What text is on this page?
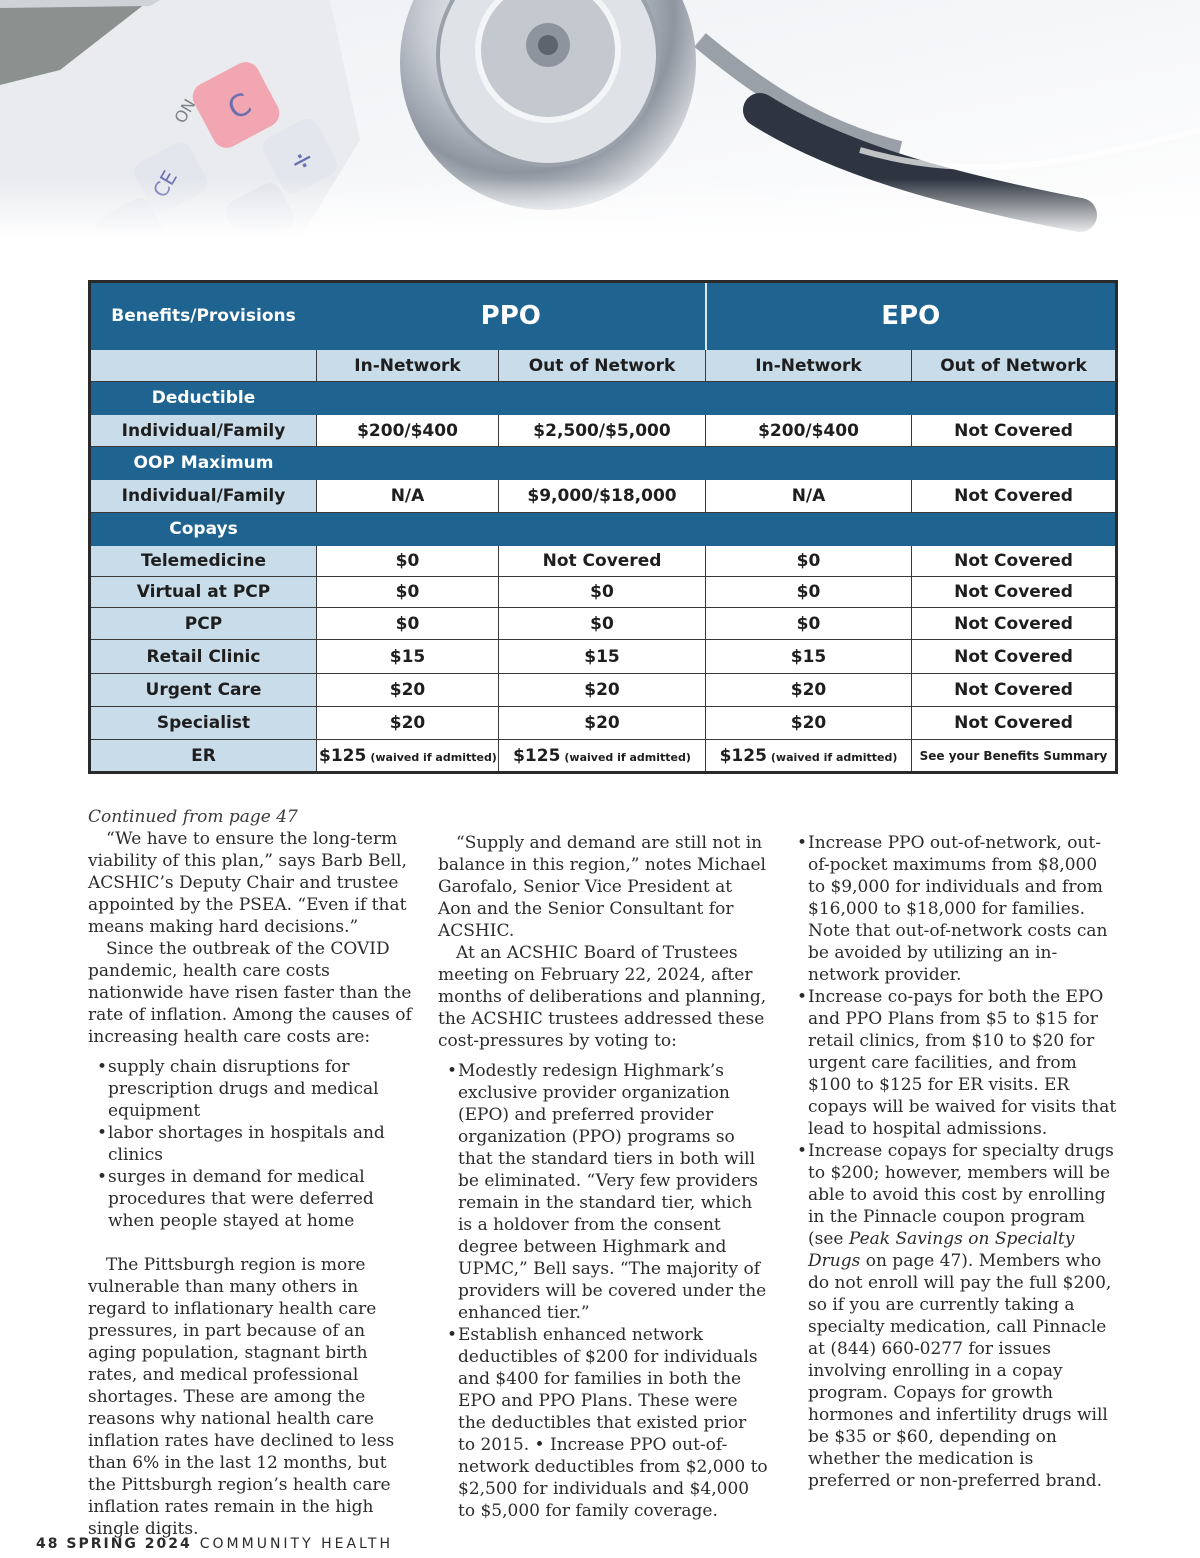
Benefits/Provisions	PPO		EPO	
	In-Network	Out of Network	In-Network	Out of Network
Deductible				
Individual/Family	$200/$400	$2,500/$5,000	$200/$400	Not Covered
OOP Maximum				
Individual/Family	N/A	$9,000/$18,000	N/A	Not Covered
Copays				
Telemedicine	$0	Not Covered	$0	Not Covered
Virtual at PCP	$0	$0	$0	Not Covered
PCP	$0	$0	$0	Not Covered
Retail Clinic	$15	$15	$15	Not Covered
Urgent Care	$20	$20	$20	Not Covered
Specialist	$20	$20	$20	Not Covered
ER	$125 (waived if admitted)	$125 (waived if admitted)	$125 (waived if admitted)	See your Benefits Summary

Continued from page 47

“We have to ensure the long-term viability of this plan,” says Barb Bell, ACSHIC’s Deputy Chair and trustee appointed by the PSEA. “Even if that means making hard decisions.”

Since the outbreak of the COVID pandemic, health care costs nationwide have risen faster than the rate of inflation. Among the causes of increasing health care costs are:

• supply chain disruptions for prescription drugs and medical equipment
• labor shortages in hospitals and clinics
• surges in demand for medical procedures that were deferred when people stayed at home

The Pittsburgh region is more vulnerable than many others in regard to inflationary health care pressures, in part because of an aging population, stagnant birth rates, and medical professional shortages. These are among the reasons why national health care inflation rates have declined to less than 6% in the last 12 months, but the Pittsburgh region’s health care inflation rates remain in the high single digits.

“Supply and demand are still not in balance in this region,” notes Michael Garofalo, Senior Vice President at Aon and the Senior Consultant for ACSHIC.

At an ACSHIC Board of Trustees meeting on February 22, 2024, after months of deliberations and planning, the ACSHIC trustees addressed these cost-pressures by voting to:

• Modestly redesign Highmark’s exclusive provider organization (EPO) and preferred provider organization (PPO) programs so that the standard tiers in both will be eliminated. “Very few providers remain in the standard tier, which is a holdover from the consent degree between Highmark and UPMC,” Bell says. “The majority of providers will be covered under the enhanced tier.”
• Establish enhanced network deductibles of $200 for individuals and $400 for families in both the EPO and PPO Plans. These were the deductibles that existed prior to 2015. • Increase PPO out-of-network deductibles from $2,000 to $2,500 for individuals and $4,000 to $5,000 for family coverage.
• Increase PPO out-of-network, out-of-pocket maximums from $8,000 to $9,000 for individuals and from $16,000 to $18,000 for families. Note that out-of-network costs can be avoided by utilizing an in-network provider.
• Increase co-pays for both the EPO and PPO Plans from $5 to $15 for retail clinics, from $10 to $20 for urgent care facilities, and from $100 to $125 for ER visits. ER copays will be waived for visits that lead to hospital admissions.
• Increase copays for specialty drugs to $200; however, members will be able to avoid this cost by enrolling in the Pinnacle coupon program (see Peak Savings on Specialty Drugs on page 47). Members who do not enroll will pay the full $200, so if you are currently taking a specialty medication, call Pinnacle at (844) 660-0277 for issues involving enrolling in a copay program. Copays for growth hormones and infertility drugs will be $35 or $60, depending on whether the medication is preferred or non-preferred brand.
48 SPRING 2024 COMMUNITY HEALTH
